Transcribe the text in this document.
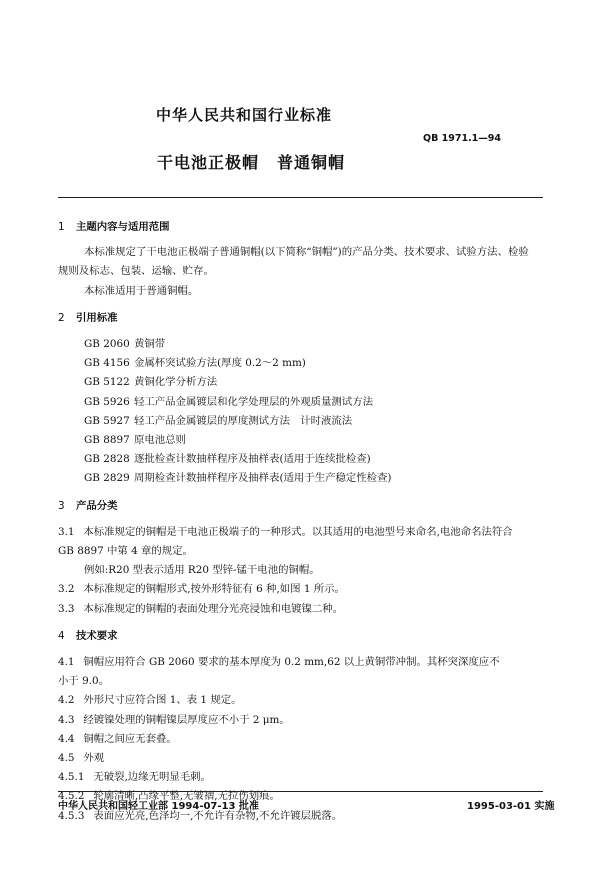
中华人民共和国行业标准
QB 1971.1—94
干电池正极帽 普通铜帽

1 主题内容与适用范围

本标准规定了干电池正极端子普通铜帽(以下简称“铜帽”)的产品分类、技术要求、试验方法、检验

规则及标志、包装、运输、贮存。

本标准适用于普通铜帽。

2 引用标准

GB 2060 黄铜带

GB 4156 金属杯突试验方法(厚度 0.2～2 mm)

GB 5122 黄铜化学分析方法

GB 5926 轻工产品金属镀层和化学处理层的外观质量测试方法

GB 5927 轻工产品金属镀层的厚度测试方法　计时液流法

GB 8897 原电池总则

GB 2828 逐批检查计数抽样程序及抽样表(适用于连续批检查)

GB 2829 周期检查计数抽样程序及抽样表(适用于生产稳定性检查)

3 产品分类

3.1 本标准规定的铜帽是干电池正极端子的一种形式。以其适用的电池型号来命名,电池命名法符合

GB 8897 中第 4 章的规定。

例如:R20 型表示适用 R20 型锌-锰干电池的铜帽。

3.2 本标准规定的铜帽形式,按外形特征有 6 种,如图 1 所示。

3.3 本标准规定的铜帽的表面处理分光亮浸蚀和电镀镍二种。

4 技术要求

4.1 铜帽应用符合 GB 2060 要求的基本厚度为 0.2 mm,62 以上黄铜带冲制。其杯突深度应不

小于 9.0。

4.2 外形尺寸应符合图 1、表 1 规定。

4.3 经镀镍处理的铜帽镍层厚度应不小于 2 μm。

4.4 铜帽之间应无套叠。

4.5 外观

4.5.1 无破裂,边缘无明显毛刺。

4.5.2 轮廓清晰,凸缘平整,无皱褶,无拉伤划痕。

4.5.3 表面应光亮,色泽均一,不允许有杂物,不允许镀层脱落。

中华人民共和国轻工业部 1994-07-13 批准	1995-03-01 实施
